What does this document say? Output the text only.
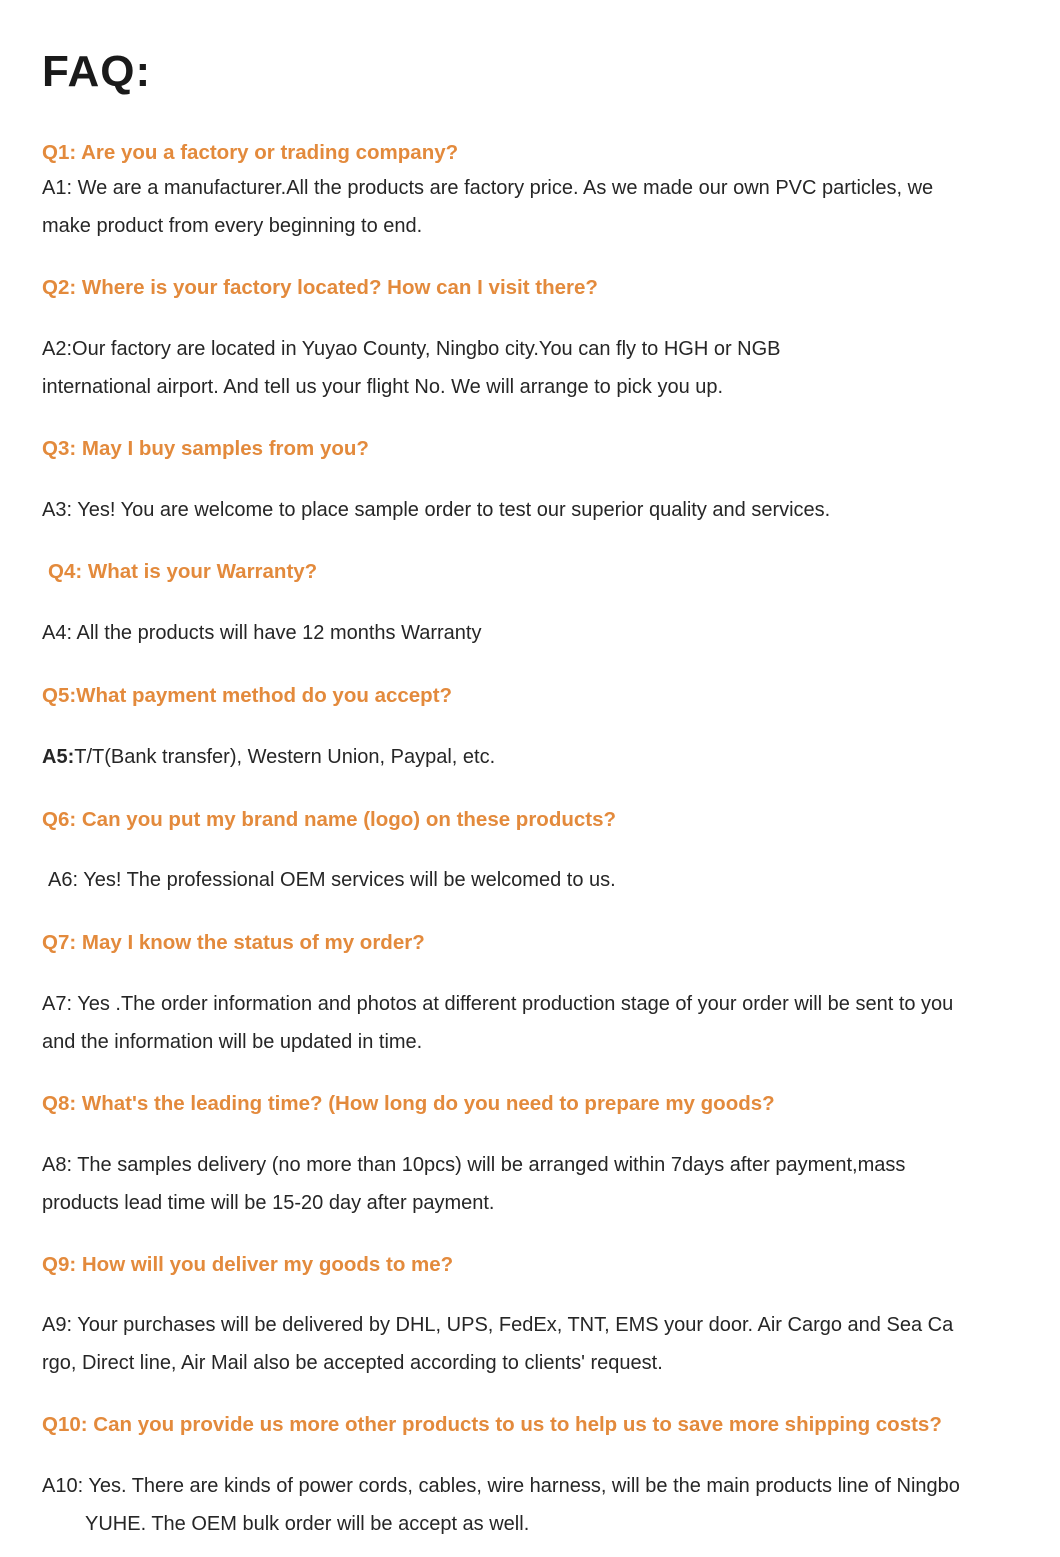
FAQ:

Q1: Are you a factory or trading company?

A1: We are a manufacturer.All the products are factory price. As we made our own PVC particles, we
make product from every beginning to end.

Q2: Where is your factory located? How can I visit there?

A2:Our factory are located in Yuyao County, Ningbo city.You can fly to HGH or NGB
international airport. And tell us your flight No. We will arrange to pick you up.

Q3: May I buy samples from you?

A3: Yes! You are welcome to place sample order to test our superior quality and services.

Q4: What is your Warranty?

A4: All the products will have 12 months Warranty

Q5:What payment method do you accept?

A5:T/T(Bank transfer), Western Union, Paypal, etc.

Q6: Can you put my brand name (logo) on these products?

A6: Yes! The professional OEM services will be welcomed to us.

Q7: May I know the status of my order?

A7: Yes .The order information and photos at different production stage of your order will be sent to you
and the information will be updated in time.

Q8: What's the leading time? (How long do you need to prepare my goods?

A8: The samples delivery (no more than 10pcs) will be arranged within 7days after payment,mass
products lead time will be 15-20 day after payment.

Q9: How will you deliver my goods to me?

A9: Your purchases will be delivered by DHL, UPS, FedEx, TNT, EMS your door. Air Cargo and Sea Ca
rgo, Direct line, Air Mail also be accepted according to clients' request.

Q10: Can you provide us more other products to us to help us to save more shipping costs?

A10: Yes. There are kinds of power cords, cables, wire harness, will be the main products line of Ningbo
YUHE. The OEM bulk order will be accept as well.
